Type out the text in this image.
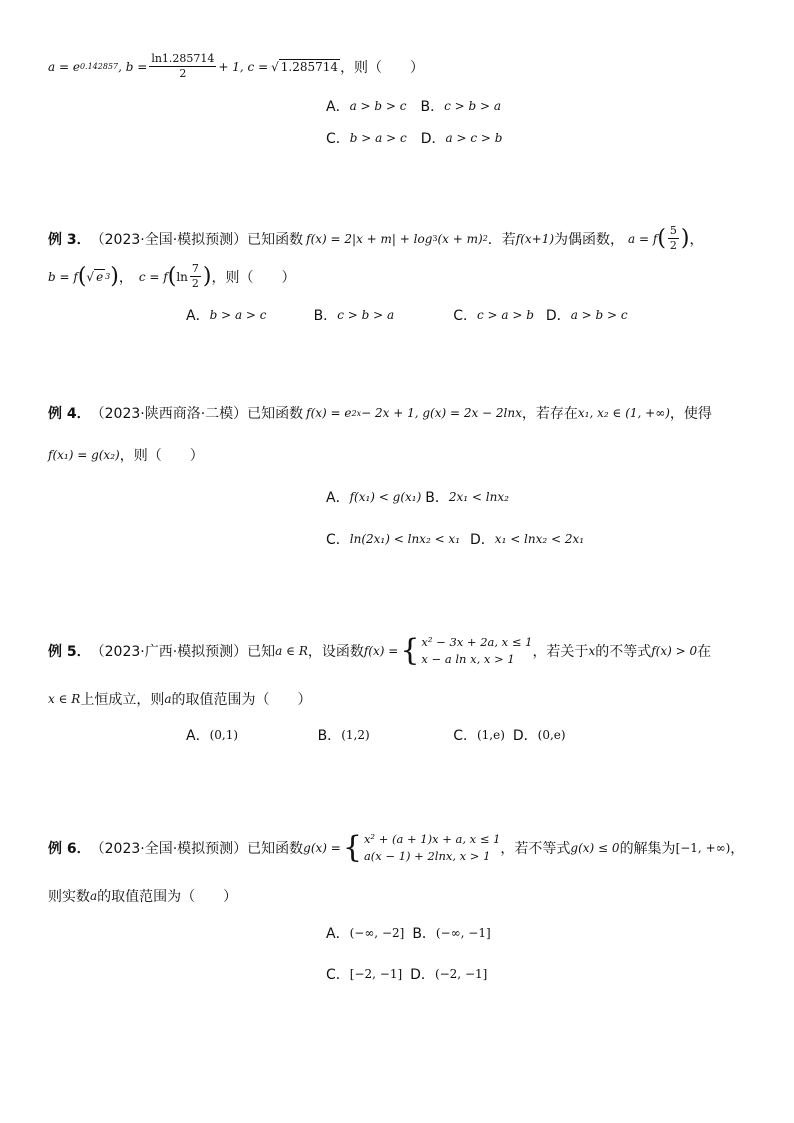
a = e 0.142857 , $b = \frac{\ln 1.285714}{2} + 1$, c = √ 1.285714 ，则（　　）
A． a > b > c B． c > b > a
C． b > a > c D． a > c > b
例 3． （2023·全国·模拟预测） 已知函数 f(x) = 2|x + m| + log 3 (x + m) 2 ．若 f(x+1) 为偶函数， a = f ( $\frac{5}{2}$ ) ，
b = f ( √ e 3 ) ， c = f ( $\ln \frac{7}{2}$ ) ，则（　　）
A． b > a > c	B． c > b > a	C． c > a > b D． a > b > c
例 4． （2023·陕西商洛·二模） 已知函数 f(x) = e 2x − 2x + 1, g(x) = 2x − 2lnx ，若存在 x₁, x₂ ∈ (1, +∞) ，使得
f(x₁) = g(x₂) ，则（　　）
A． f(x₁) < g(x₁) B． 2x₁ < lnx₂
C． ln(2x₁) < lnx₂ < x₁ D． x₁ < lnx₂ < 2x₁
例 5． （2023·广西·模拟预测） 已知 a ∈ R ，设函数 f(x) = { x² − 3x + 2a, x ≤ 1
x − a ln x, x > 1	，若关于 x 的不等式 f(x) > 0 在
x ∈ R 上恒成立，则 a 的取值范围为（　　）
A． (0,1)	B． (1,2)	C． (1,e) D． (0,e)
例 6． （2023·全国·模拟预测） 已知函数 g(x) = { x² + (a + 1)x + a, x ≤ 1
a(x − 1) + 2lnx, x > 1 ，若不等式 g(x) ≤ 0 的解集为 [−1, +∞) ，
则实数 a 的取值范围为（　　）
A． (−∞, −2] B． (−∞, −1]
C． [−2, −1] D． (−2, −1]
